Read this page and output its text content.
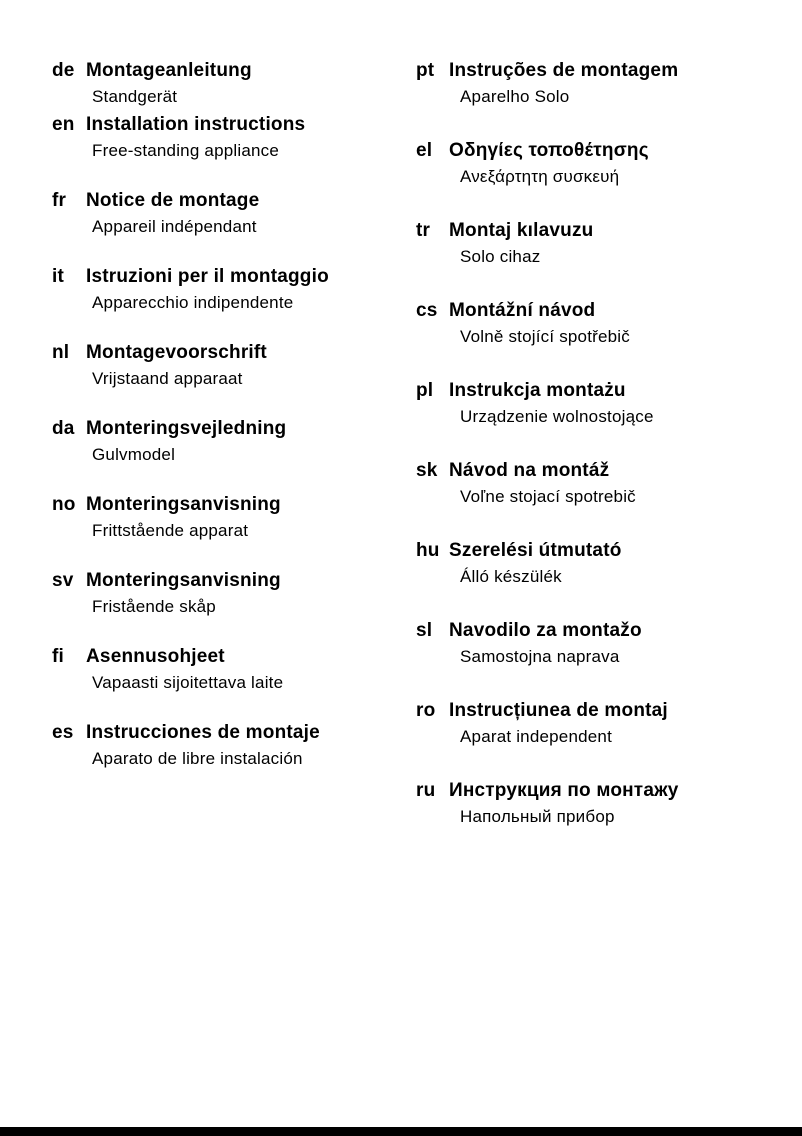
de Montageanleitung
Standgerät
en Installation instructions
Free-standing appliance
fr	Notice de montage
Appareil indépendant
it	Istruzioni per il montaggio
Apparecchio indipendente
nl Montagevoorschrift
Vrijstaand apparaat
da Monteringsvejledning
Gulvmodel
no Monteringsanvisning
Frittstående apparat
sv Monteringsanvisning
Fristående skåp
fi	Asennusohjeet
Vapaasti sijoitettava laite
es Instrucciones de montaje
Aparato de libre instalación
pt Instruções de montagem
Aparelho Solo
el Οδηγίες τοποθέτησης
Ανεξάρτητη συσκευή
tr Montaj kılavuzu
Solo cihaz
cs Montážní návod
Volně stojící spotřebič
pl Instrukcja montażu
Urządzenie wolnostojące
sk Návod na montáž
Voľne stojací spotrebič
hu Szerelési útmutató
Álló készülék
sl Navodilo za montažo
Samostojna naprava
ro Instrucțiunea de montaj
Aparat independent
ru Инструкция по монтажу
Напольный прибор
